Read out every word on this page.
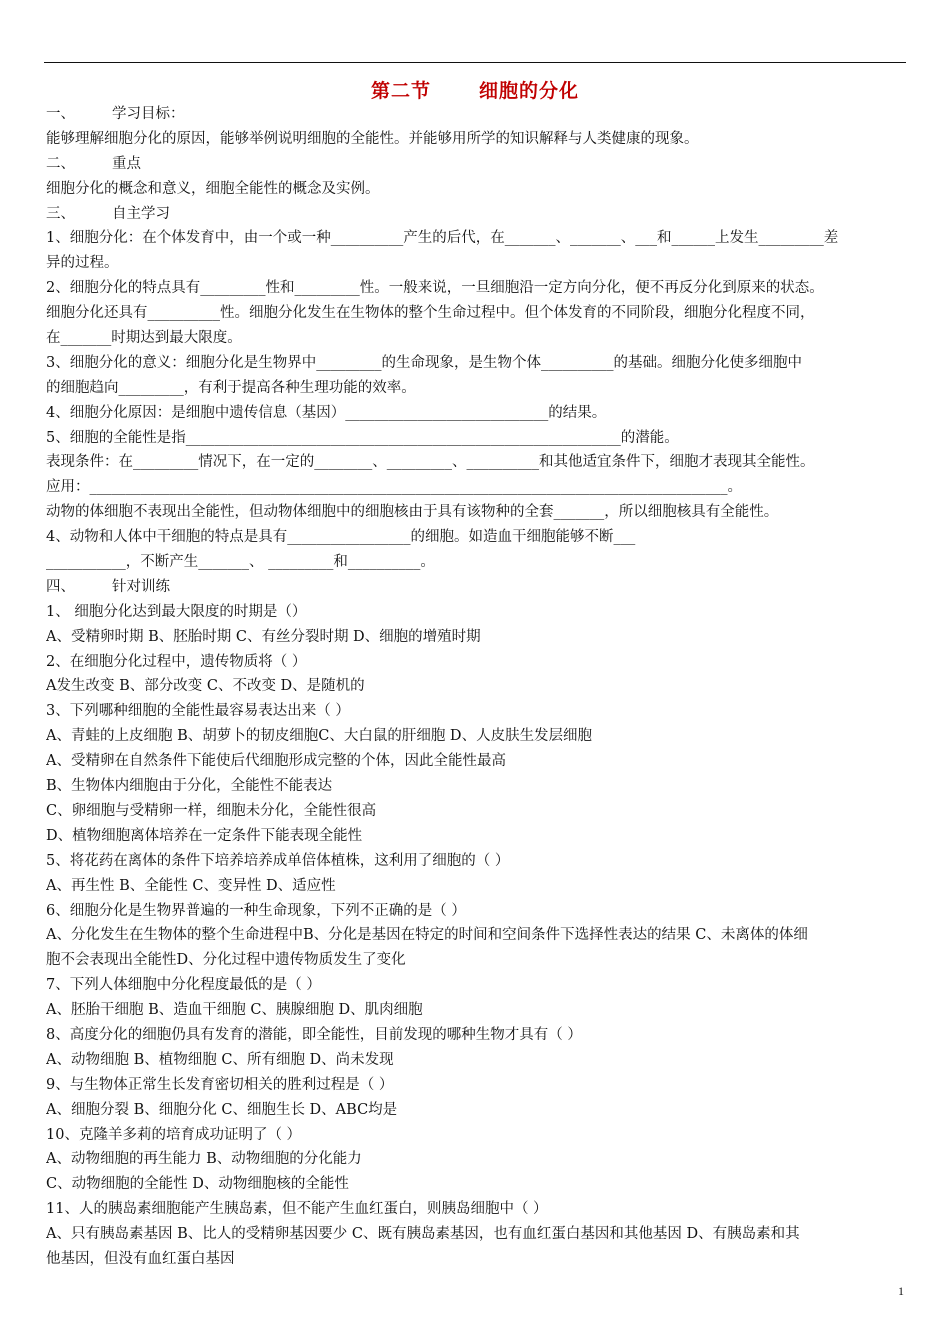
第二节	细胞的分化
一、	学习目标：
能够理解细胞分化的原因，能够举例说明细胞的全能性。并能够用所学的知识解释与人类健康的现象。
二、	重点
细胞分化的概念和意义，细胞全能性的概念及实例。
三、	自主学习
1、细胞分化：在个体发育中，由一个或一种__________产生的后代，在_______、_______、___和______上发生_________差
异的过程。
2、细胞分化的特点具有_________性和_________性。一般来说，一旦细胞沿一定方向分化，便不再反分化到原来的状态。
细胞分化还具有__________性。细胞分化发生在生物体的整个生命过程中。但个体发育的不同阶段，细胞分化程度不同，
在_______时期达到最大限度。
3、细胞分化的意义：细胞分化是生物界中_________的生命现象，是生物个体__________的基础。细胞分化使多细胞中
的细胞趋向_________，有利于提高各种生理功能的效率。
4、细胞分化原因：是细胞中遗传信息（基因）____________________________的结果。
5、细胞的全能性是指____________________________________________________________的潜能。
表现条件：在_________情况下，在一定的________、_________、__________和其他适宜条件下，细胞才表现其全能性。
应用：________________________________________________________________________________________。
动物的体细胞不表现出全能性，但动物体细胞中的细胞核由于具有该物种的全套_______，所以细胞核具有全能性。
4、动物和人体中干细胞的特点是具有_________________的细胞。如造血干细胞能够不断___
___________，不断产生_______、 _________和__________。
四、	针对训练
1、 细胞分化达到最大限度的时期是（）
A、受精卵时期 B、胚胎时期 C、有丝分裂时期 D、细胞的增殖时期
2、在细胞分化过程中，遗传物质将（ ）
A发生改变 B、部分改变 C、不改变 D、是随机的
3、下列哪种细胞的全能性最容易表达出来（ ）
A、青蛙的上皮细胞 B、胡萝卜的韧皮细胞C、大白鼠的肝细胞 D、人皮肤生发层细胞
A、受精卵在自然条件下能使后代细胞形成完整的个体，因此全能性最高
B、生物体内细胞由于分化，全能性不能表达
C、卵细胞与受精卵一样，细胞未分化，全能性很高
D、植物细胞离体培养在一定条件下能表现全能性
5、将花药在离体的条件下培养培养成单倍体植株，这利用了细胞的（ ）
A、再生性 B、全能性 C、变异性 D、适应性
6、细胞分化是生物界普遍的一种生命现象，下列不正确的是（ ）
A、分化发生在生物体的整个生命进程中B、分化是基因在特定的时间和空间条件下选择性表达的结果 C、未离体的体细
胞不会表现出全能性D、分化过程中遗传物质发生了变化
7、下列人体细胞中分化程度最低的是（ ）
A、胚胎干细胞 B、造血干细胞 C、胰腺细胞 D、肌肉细胞
8、高度分化的细胞仍具有发育的潜能，即全能性，目前发现的哪种生物才具有（ ）
A、动物细胞 B、植物细胞 C、所有细胞 D、尚未发现
9、与生物体正常生长发育密切相关的胜利过程是（ ）
A、细胞分裂 B、细胞分化 C、细胞生长 D、ABC均是
10、克隆羊多莉的培育成功证明了（ ）
A、动物细胞的再生能力 B、动物细胞的分化能力
C、动物细胞的全能性 D、动物细胞核的全能性
11、人的胰岛素细胞能产生胰岛素，但不能产生血红蛋白，则胰岛细胞中（ ）
A、只有胰岛素基因 B、比人的受精卵基因要少 C、既有胰岛素基因，也有血红蛋白基因和其他基因 D、有胰岛素和其
他基因，但没有血红蛋白基因
1
